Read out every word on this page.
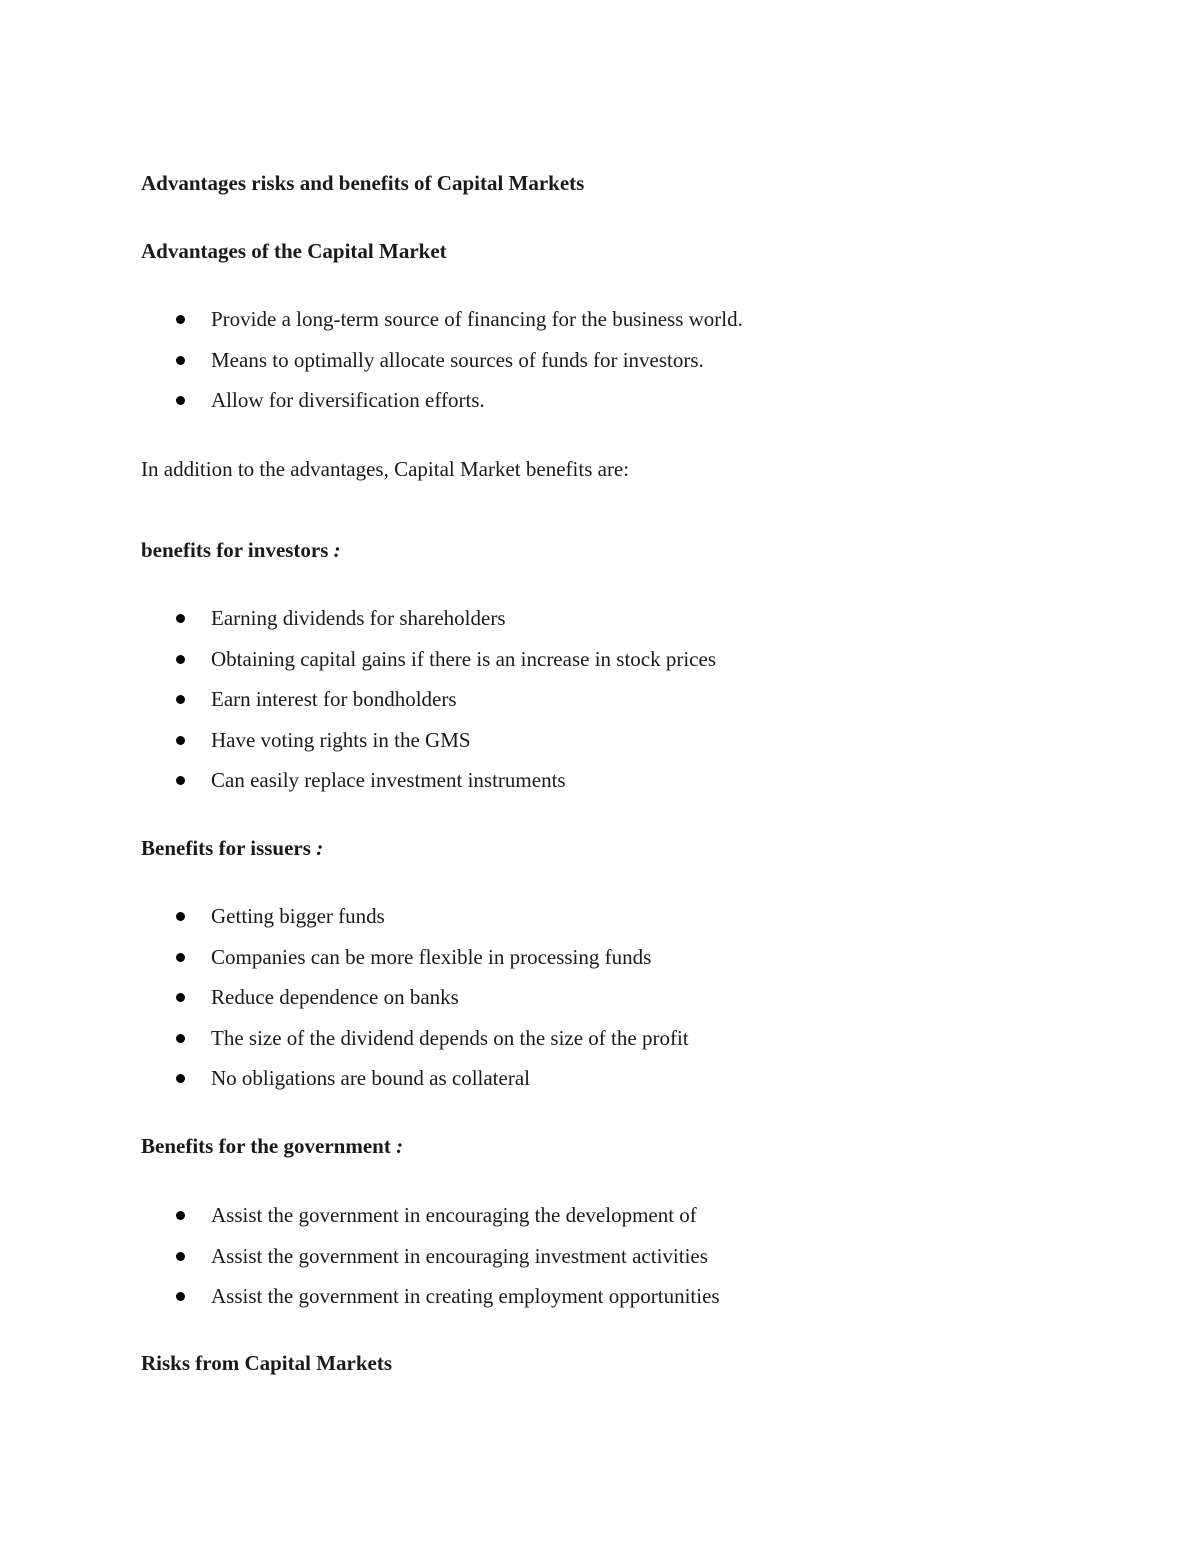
Advantages risks and benefits of Capital Markets
Advantages of the Capital Market
Provide a long-term source of financing for the business world.
Means to optimally allocate sources of funds for investors.
Allow for diversification efforts.

In addition to the advantages, Capital Market benefits are:

benefits for investors :
Earning dividends for shareholders
Obtaining capital gains if there is an increase in stock prices
Earn interest for bondholders
Have voting rights in the GMS
Can easily replace investment instruments
Benefits for issuers :
Getting bigger funds
Companies can be more flexible in processing funds
Reduce dependence on banks
The size of the dividend depends on the size of the profit
No obligations are bound as collateral
Benefits for the government :
Assist the government in encouraging the development of
Assist the government in encouraging investment activities
Assist the government in creating employment opportunities
Risks from Capital Markets
